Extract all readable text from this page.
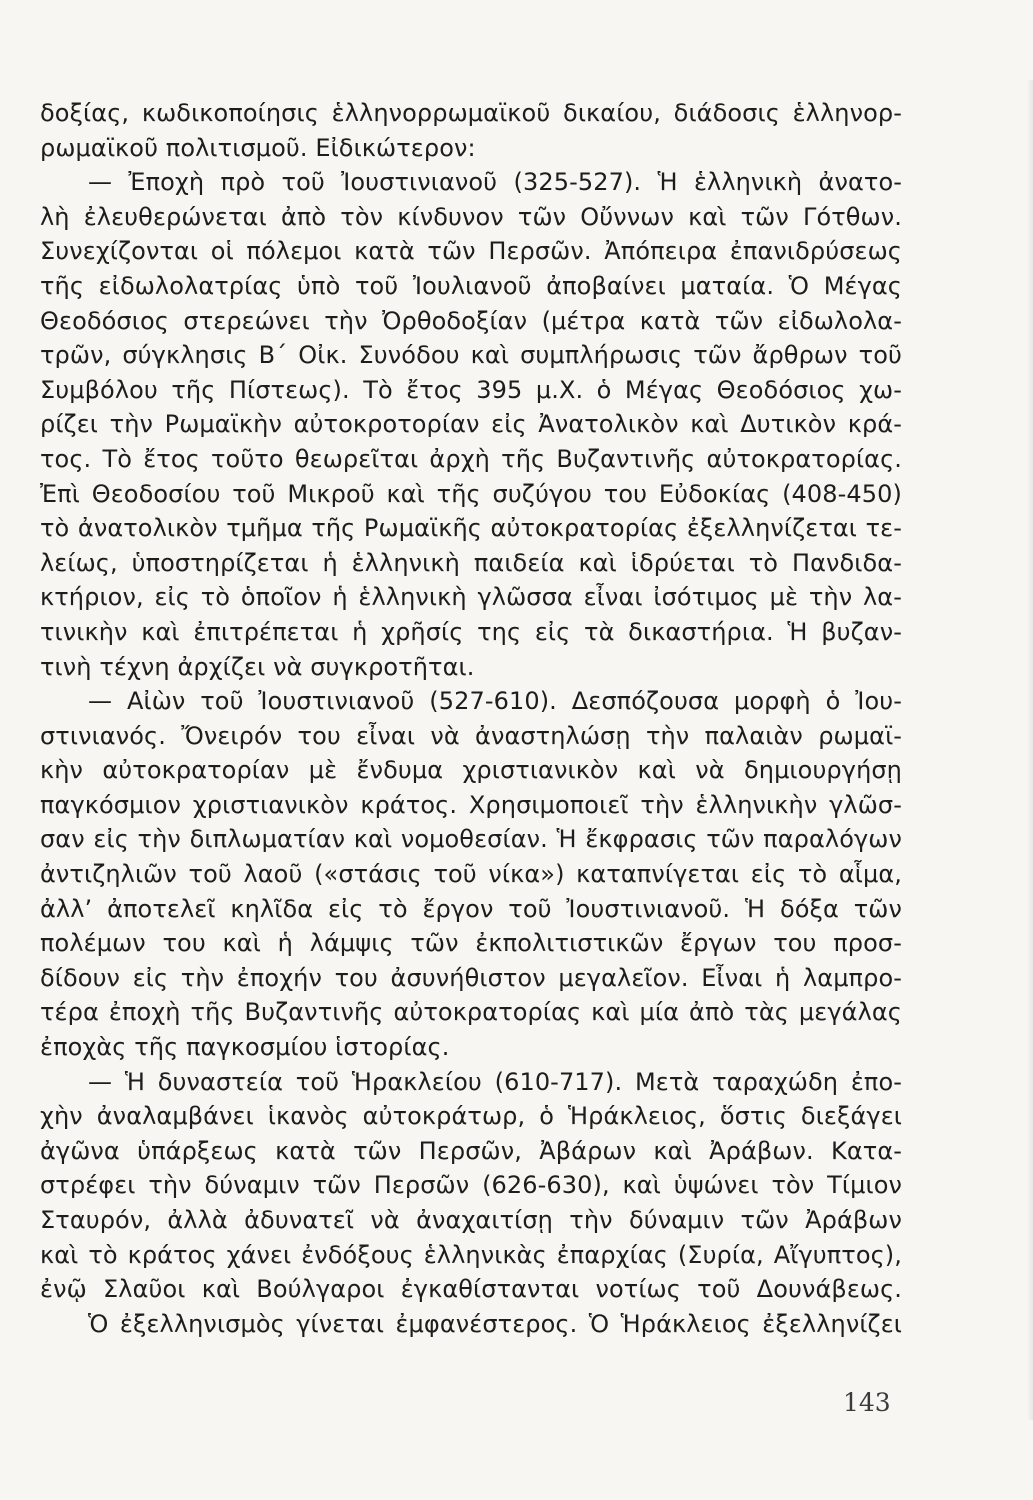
δοξίας, κωδικοποίησις ἑλληνορρωμαϊκοῦ δικαίου, διάδοσις ἑλληνορ-
ρωμαϊκοῦ πολιτισμοῦ. Εἰδικώτερον:
— Ἐποχὴ πρὸ τοῦ Ἰουστινιανοῦ (325-527). Ἡ ἑλληνικὴ ἀνατο-
λὴ ἐλευθερώνεται ἀπὸ τὸν κίνδυνον τῶν Οὔννων καὶ τῶν Γότθων.
Συνεχίζονται οἱ πόλεμοι κατὰ τῶν Περσῶν. Ἀπόπειρα ἐπανιδρύσεως
τῆς εἰδωλολατρίας ὑπὸ τοῦ Ἰουλιανοῦ ἀποβαίνει ματαία. Ὁ Μέγας
Θεοδόσιος στερεώνει τὴν Ὀρθοδοξίαν (μέτρα κατὰ τῶν εἰδωλολα-
τρῶν, σύγκλησις Β´ Οἰκ. Συνόδου καὶ συμπλήρωσις τῶν ἄρθρων τοῦ
Συμβόλου τῆς Πίστεως). Τὸ ἔτος 395 μ.Χ. ὁ Μέγας Θεοδόσιος χω-
ρίζει τὴν Ρωμαϊκὴν αὐτοκροτορίαν εἰς Ἀνατολικὸν καὶ Δυτικὸν κρά-
τος. Τὸ ἔτος τοῦτο θεωρεῖται ἀρχὴ τῆς Βυζαντινῆς αὐτοκρατορίας.
Ἐπὶ Θεοδοσίου τοῦ Μικροῦ καὶ τῆς συζύγου του Εὐδοκίας (408-450)
τὸ ἀνατολικὸν τμῆμα τῆς Ρωμαϊκῆς αὐτοκρατορίας ἐξελληνίζεται τε-
λείως, ὑποστηρίζεται ἡ ἑλληνικὴ παιδεία καὶ ἱδρύεται τὸ Πανδιδα-
κτήριον, εἰς τὸ ὁποῖον ἡ ἑλληνικὴ γλῶσσα εἶναι ἰσότιμος μὲ τὴν λα-
τινικὴν καὶ ἐπιτρέπεται ἡ χρῆσίς της εἰς τὰ δικαστήρια. Ἡ βυζαν-
τινὴ τέχνη ἀρχίζει νὰ συγκροτῆται.
— Αἰὼν τοῦ Ἰουστινιανοῦ (527-610). Δεσπόζουσα μορφὴ ὁ Ἰου-
στινιανός. Ὄνειρόν του εἶναι νὰ ἀναστηλώσῃ τὴν παλαιὰν ρωμαϊ-
κὴν αὐτοκρατορίαν μὲ ἔνδυμα χριστιανικὸν καὶ νὰ δημιουργήσῃ
παγκόσμιον χριστιανικὸν κράτος. Χρησιμοποιεῖ τὴν ἑλληνικὴν γλῶσ-
σαν εἰς τὴν διπλωματίαν καὶ νομοθεσίαν. Ἡ ἔκφρασις τῶν παραλόγων
ἀντιζηλιῶν τοῦ λαοῦ («στάσις τοῦ νίκα») καταπνίγεται εἰς τὸ αἷμα,
ἀλλ’ ἀποτελεῖ κηλῖδα εἰς τὸ ἔργον τοῦ Ἰουστινιανοῦ. Ἡ δόξα τῶν
πολέμων του καὶ ἡ λάμψις τῶν ἐκπολιτιστικῶν ἔργων του προσ-
δίδουν εἰς τὴν ἐποχήν του ἀσυνήθιστον μεγαλεῖον. Εἶναι ἡ λαμπρο-
τέρα ἐποχὴ τῆς Βυζαντινῆς αὐτοκρατορίας καὶ μία ἀπὸ τὰς μεγάλας
ἐποχὰς τῆς παγκοσμίου ἱστορίας.
— Ἡ δυναστεία τοῦ Ἡρακλείου (610-717). Μετὰ ταραχώδη ἐπο-
χὴν ἀναλαμβάνει ἱκανὸς αὐτοκράτωρ, ὁ Ἡράκλειος, ὅστις διεξάγει
ἀγῶνα ὑπάρξεως κατὰ τῶν Περσῶν, Ἀβάρων καὶ Ἀράβων. Κατα-
στρέφει τὴν δύναμιν τῶν Περσῶν (626-630), καὶ ὑψώνει τὸν Τίμιον
Σταυρόν, ἀλλὰ ἀδυνατεῖ νὰ ἀναχαιτίσῃ τὴν δύναμιν τῶν Ἀράβων
καὶ τὸ κράτος χάνει ἐνδόξους ἑλληνικὰς ἐπαρχίας (Συρία, Αἴγυπτος),
ἐνῷ Σλαῦοι καὶ Βούλγαροι ἐγκαθίστανται νοτίως τοῦ Δουνάβεως.
Ὁ ἐξελληνισμὸς γίνεται ἐμφανέστερος. Ὁ Ἡράκλειος ἐξελληνίζει
143
